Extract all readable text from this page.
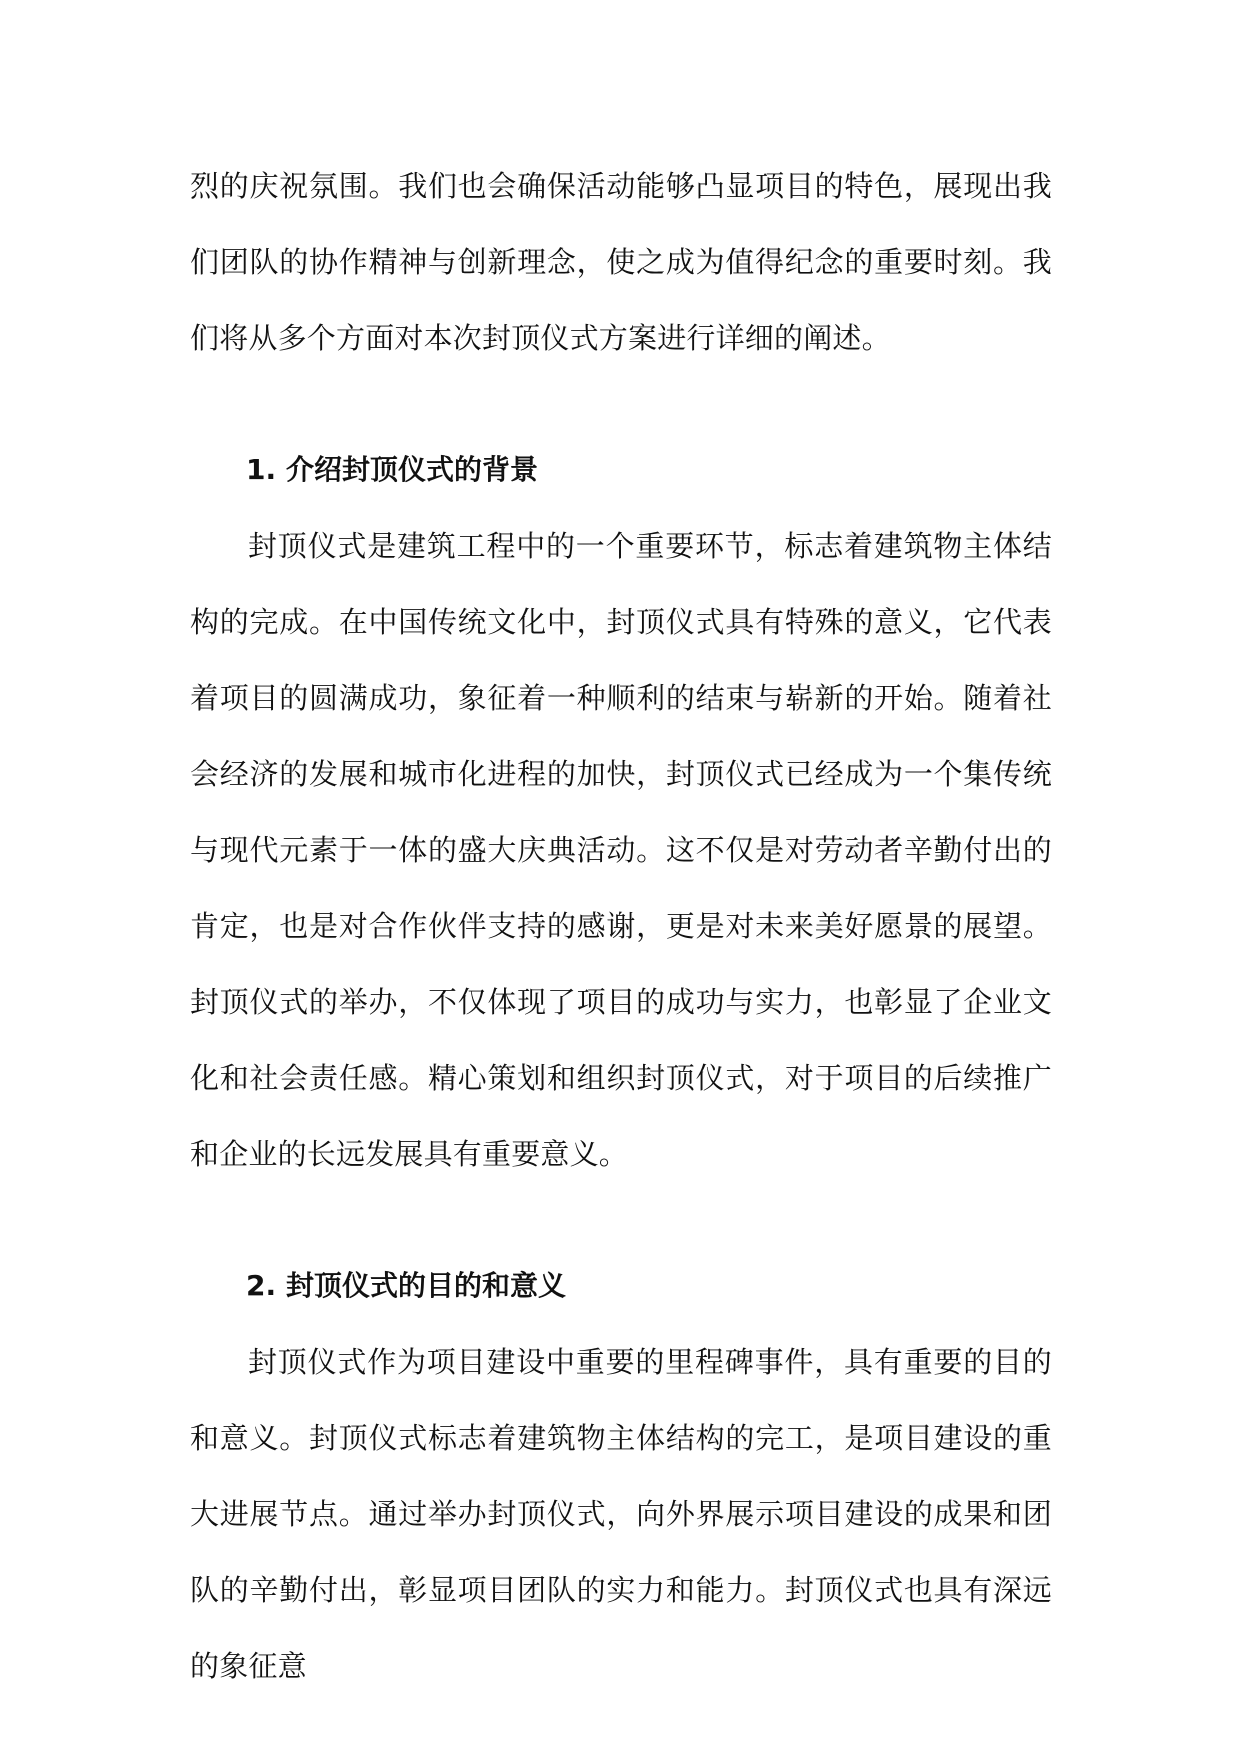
烈的庆祝氛围。我们也会确保活动能够凸显项目的特色，展现出我们团队的协作精神与创新理念，使之成为值得纪念的重要时刻。我们将从多个方面对本次封顶仪式方案进行详细的阐述。

1. 介绍封顶仪式的背景

封顶仪式是建筑工程中的一个重要环节，标志着建筑物主体结构的完成。在中国传统文化中，封顶仪式具有特殊的意义，它代表着项目的圆满成功，象征着一种顺利的结束与崭新的开始。随着社会经济的发展和城市化进程的加快，封顶仪式已经成为一个集传统与现代元素于一体的盛大庆典活动。这不仅是对劳动者辛勤付出的肯定，也是对合作伙伴支持的感谢，更是对未来美好愿景的展望。封顶仪式的举办，不仅体现了项目的成功与实力，也彰显了企业文化和社会责任感。精心策划和组织封顶仪式，对于项目的后续推广和企业的长远发展具有重要意义。

2. 封顶仪式的目的和意义

封顶仪式作为项目建设中重要的里程碑事件，具有重要的目的和意义。封顶仪式标志着建筑物主体结构的完工，是项目建设的重大进展节点。通过举办封顶仪式，向外界展示项目建设的成果和团队的辛勤付出，彰显项目团队的实力和能力。封顶仪式也具有深远的象征意
